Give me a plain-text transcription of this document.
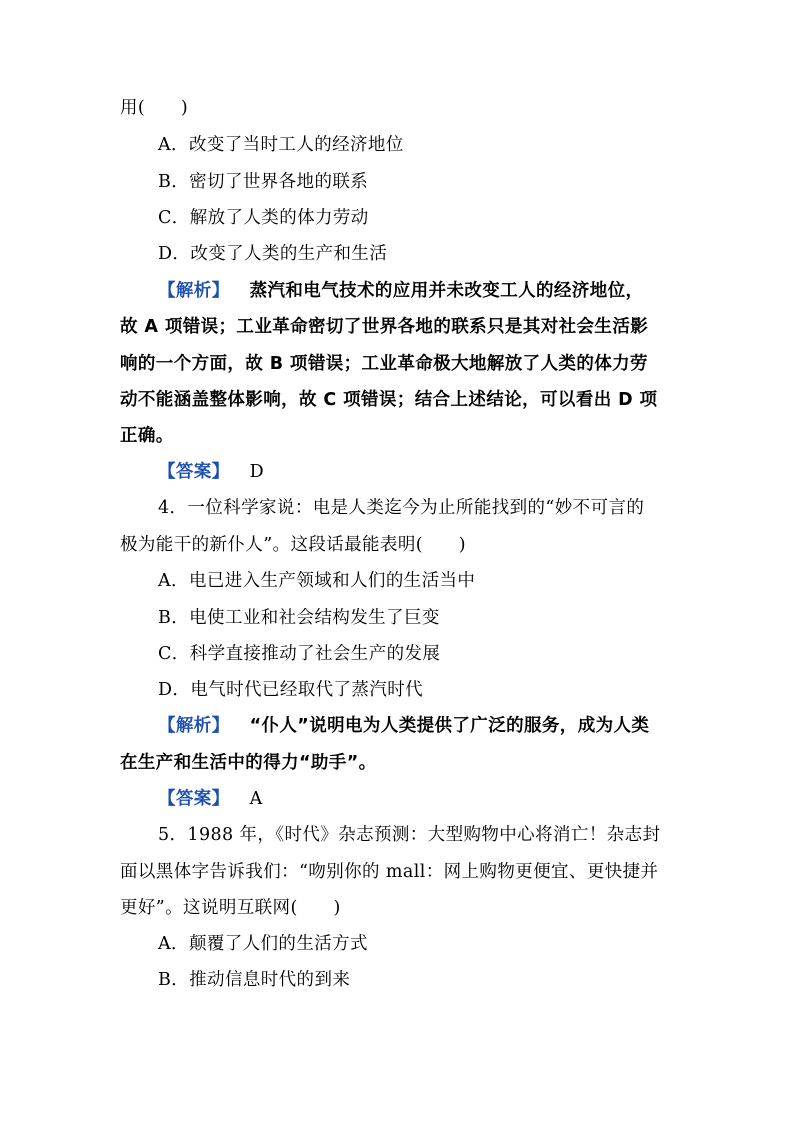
用(　　)
A．改变了当时工人的经济地位
B．密切了世界各地的联系
C．解放了人类的体力劳动
D．改变了人类的生产和生活
【解析】 蒸汽和电气技术的应用并未改变工人的经济地位，
故 A 项错误；工业革命密切了世界各地的联系只是其对社会生活影
响的一个方面，故 B 项错误；工业革命极大地解放了人类的体力劳
动不能涵盖整体影响，故 C 项错误；结合上述结论，可以看出 D 项
正确。
【答案】 D
4．一位科学家说：电是人类迄今为止所能找到的“妙不可言的
极为能干的新仆人”。这段话最能表明(　　)
A．电已进入生产领域和人们的生活当中
B．电使工业和社会结构发生了巨变
C．科学直接推动了社会生产的发展
D．电气时代已经取代了蒸汽时代
【解析】 “仆人”说明电为人类提供了广泛的服务，成为人类
在生产和生活中的得力“助手”。
【答案】 A
5．1988 年，《时代》杂志预测：大型购物中心将消亡！杂志封
面以黑体字告诉我们：“吻别你的 mall：网上购物更便宜、更快捷并
更好”。这说明互联网(　　)
A．颠覆了人们的生活方式
B．推动信息时代的到来
